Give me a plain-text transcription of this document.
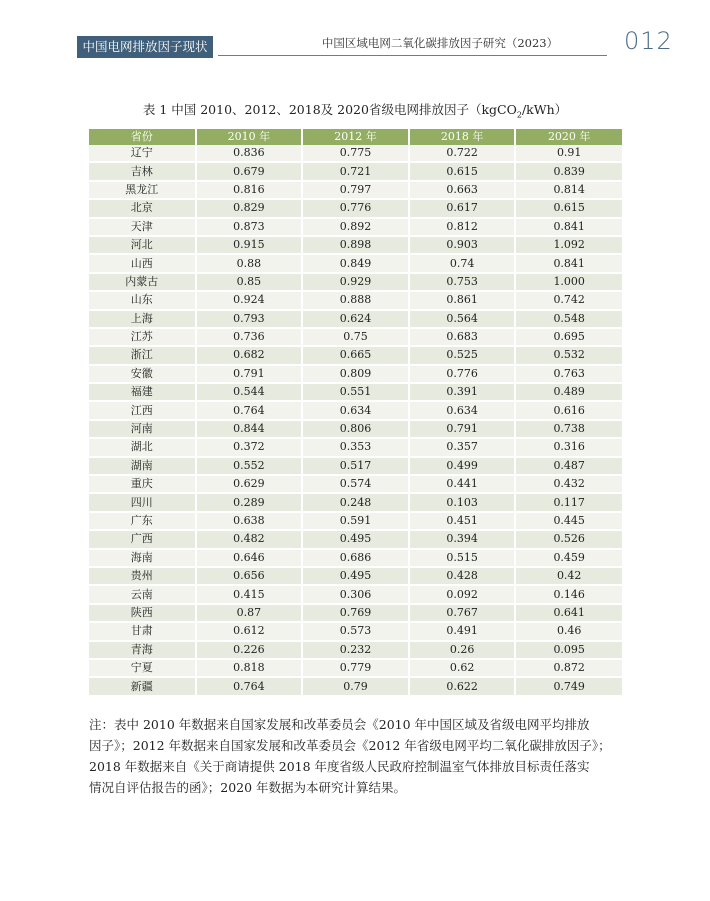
中国电网排放因子现状	中国区域电网二氧化碳排放因子研究（2023）	012
表 1 中国 2010、2012、2018及 2020省级电网排放因子（kgCO$_2$/kWh）
省份	2010 年	2012 年	2018 年	2020 年
辽宁	0.836	0.775	0.722	0.91
吉林	0.679	0.721	0.615	0.839
黑龙江	0.816	0.797	0.663	0.814
北京	0.829	0.776	0.617	0.615
天津	0.873	0.892	0.812	0.841
河北	0.915	0.898	0.903	1.092
山西	0.88	0.849	0.74	0.841
内蒙古	0.85	0.929	0.753	1.000
山东	0.924	0.888	0.861	0.742
上海	0.793	0.624	0.564	0.548
江苏	0.736	0.75	0.683	0.695
浙江	0.682	0.665	0.525	0.532
安徽	0.791	0.809	0.776	0.763
福建	0.544	0.551	0.391	0.489
江西	0.764	0.634	0.634	0.616
河南	0.844	0.806	0.791	0.738
湖北	0.372	0.353	0.357	0.316
湖南	0.552	0.517	0.499	0.487
重庆	0.629	0.574	0.441	0.432
四川	0.289	0.248	0.103	0.117
广东	0.638	0.591	0.451	0.445
广西	0.482	0.495	0.394	0.526
海南	0.646	0.686	0.515	0.459
贵州	0.656	0.495	0.428	0.42
云南	0.415	0.306	0.092	0.146
陕西	0.87	0.769	0.767	0.641
甘肃	0.612	0.573	0.491	0.46
青海	0.226	0.232	0.26	0.095
宁夏	0.818	0.779	0.62	0.872
新疆	0.764	0.79	0.622	0.749
注：表中 2010 年数据来自国家发展和改革委员会《2010 年中国区域及省级电网平均排放
因子》；2012 年数据来自国家发展和改革委员会《2012 年省级电网平均二氧化碳排放因子》；
2018 年数据来自《关于商请提供 2018 年度省级人民政府控制温室气体排放目标责任落实
情况自评估报告的函》；2020 年数据为本研究计算结果。
